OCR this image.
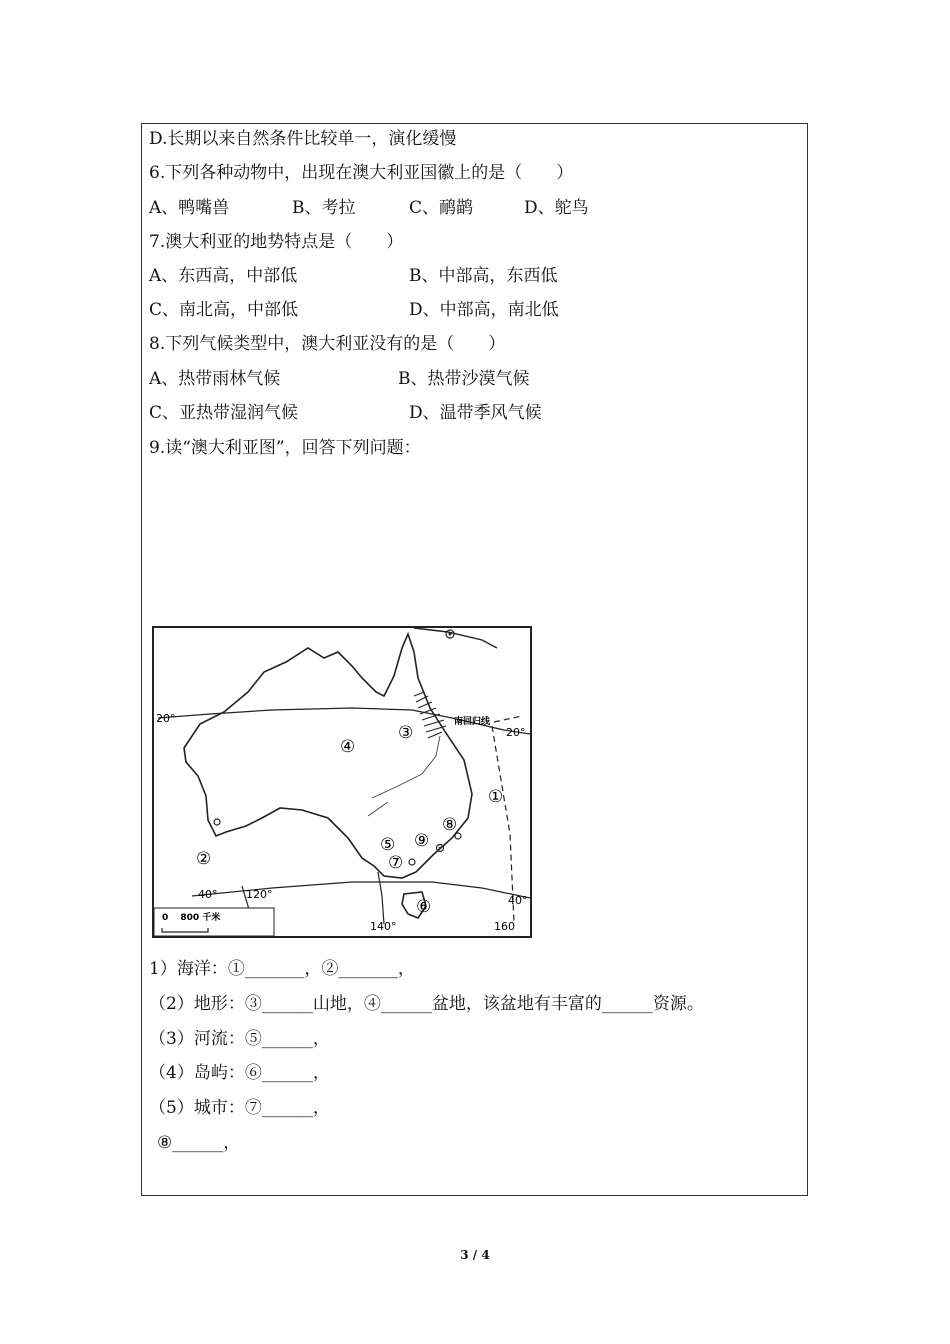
D.长期以来自然条件比较单一，演化缓慢
6.下列各种动物中，出现在澳大利亚国徽上的是（　　）
A、鸭嘴兽	B、考拉	C、鸸鹋	D、鸵鸟
7.澳大利亚的地势特点是（　　）
A、东西高，中部低	B、中部高，东西低
C、南北高，中部低	D、中部高，南北低
8.下列气候类型中，澳大利亚没有的是（　　）
A、热带雨林气候	B、热带沙漠气候
C、亚热带湿润气候	D、温带季风气候
9.读“澳大利亚图”，回答下列问题：
20°
20°
南回归线
40°	40°
120°
140°	160
0　 800 千米
①
②
③
④
⑤
⑥
⑦
⑧
⑨
1）海洋：①_______，②_______，
（2）地形：③______山地，④______盆地，该盆地有丰富的______资源。
（3）河流：⑤______，
（4）岛屿：⑥______，
（5）城市：⑦______，
⑧______，
3 / 4
